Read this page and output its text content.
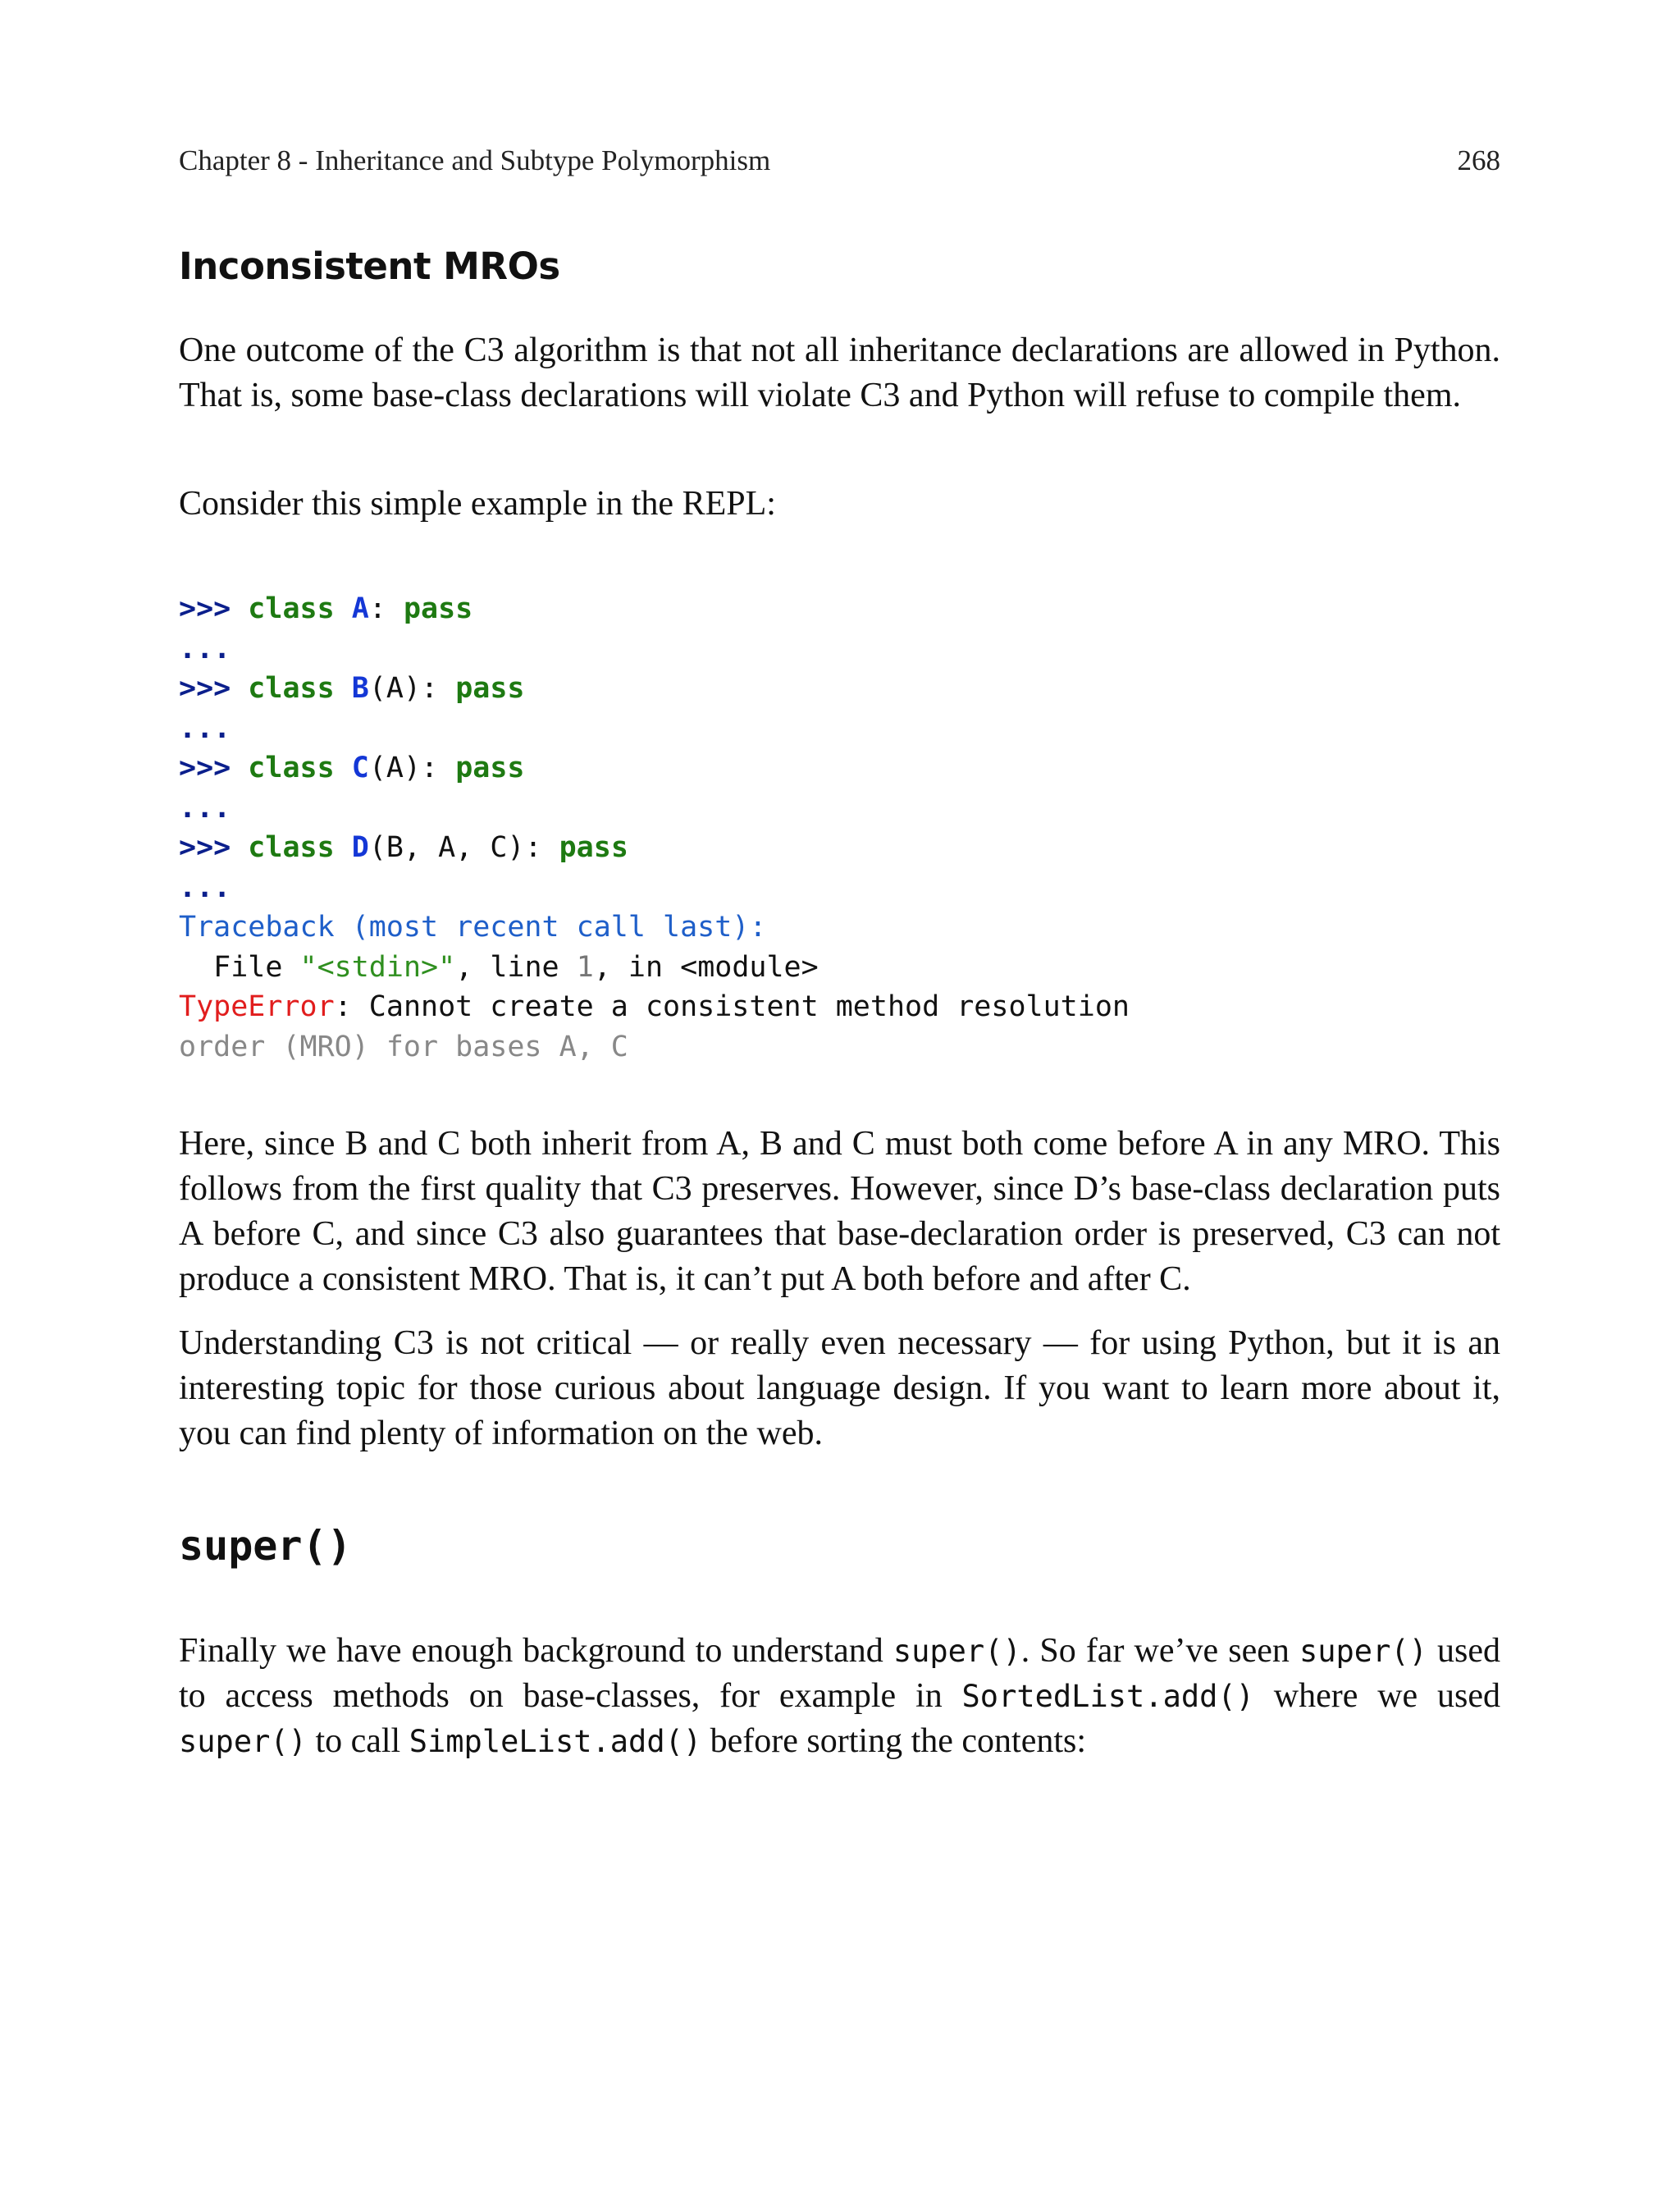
Chapter 8 - Inheritance and Subtype Polymorphism	268
Inconsistent MROs

One outcome of the C3 algorithm is that not all inheritance declarations are allowed in Python. That is, some base-class declarations will violate C3 and Python will refuse to compile them.

Consider this simple example in the REPL:

>>> class A: pass
...
>>> class B(A): pass
...
>>> class C(A): pass
...
>>> class D(B, A, C): pass
...
Traceback (most recent call last):
File "<stdin>", line 1, in <module>
TypeError: Cannot create a consistent method resolution
order (MRO) for bases A, C

Here, since B and C both inherit from A, B and C must both come before A in any MRO. This follows from the first quality that C3 preserves. However, since D’s base-class declaration puts A before C, and since C3 also guarantees that base-declaration order is preserved, C3 can not produce a consistent MRO. That is, it can’t put A both before and after C.

Understanding C3 is not critical — or really even necessary — for using Python, but it is an interesting topic for those curious about language design. If you want to learn more about it, you can find plenty of information on the web.

super()

Finally we have enough background to understand super(). So far we’ve seen super() used to access methods on base-classes, for example in SortedList.add() where we used super() to call SimpleList.add() before sorting the contents:
